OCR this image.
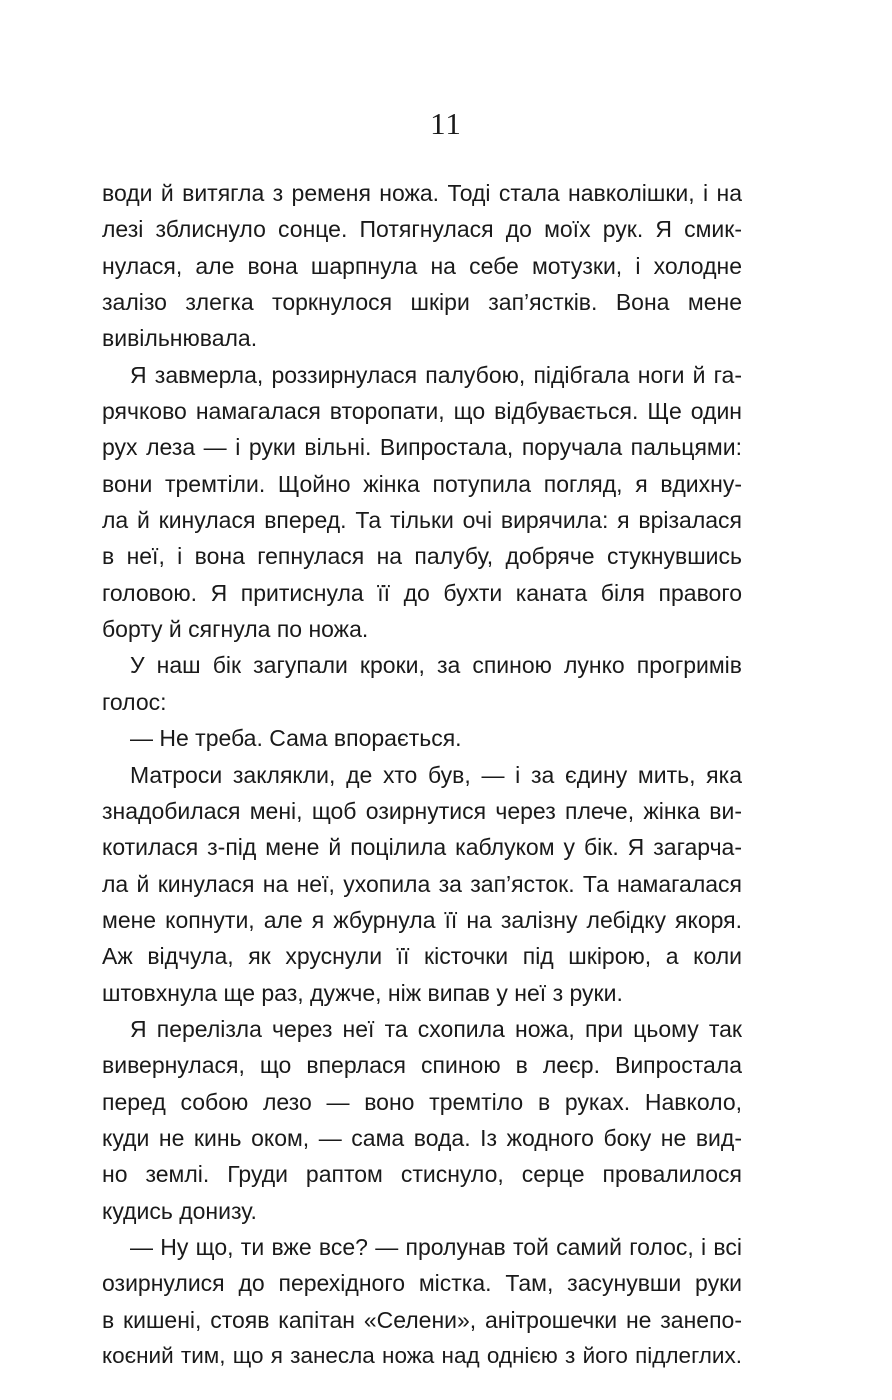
11
води й витягла з ременя ножа. Тоді стала навколішки, і на
лезі зблиснуло сонце. Потягнулася до моїх рук. Я смик-
нулася, але вона шарпнула на себе мотузки, і холодне
залізо злегка торкнулося шкіри зап’ястків. Вона мене
вивільнювала.
Я завмерла, роззирнулася палубою, підібгала ноги й га-
рячково намагалася второпати, що відбувається. Ще один
рух леза — і руки вільні. Випростала, поручала пальцями:
вони тремтіли. Щойно жінка потупила погляд, я вдихну-
ла й кинулася вперед. Та тільки очі вирячила: я врізалася
в неї, і вона гепнулася на палубу, добряче стукнувшись
головою. Я притиснула її до бухти каната біля правого
борту й сягнула по ножа.
У наш бік загупали кроки, за спиною лунко прогримів
голос:
— Не треба. Сама впорається.
Матроси заклякли, де хто був, — і за єдину мить, яка
знадобилася мені, щоб озирнутися через плече, жінка ви-
котилася з-під мене й поцілила каблуком у бік. Я загарча-
ла й кинулася на неї, ухопила за зап’ясток. Та намагалася
мене копнути, але я жбурнула її на залізну лебідку якоря.
Аж відчула, як хруснули її кісточки під шкірою, а коли
штовхнула ще раз, дужче, ніж випав у неї з руки.
Я перелізла через неї та схопила ножа, при цьому так
вивернулася, що вперлася спиною в леєр. Випростала
перед собою лезо — воно тремтіло в руках. Навколо,
куди не кинь оком, — сама вода. Із жодного боку не вид-
но землі. Груди раптом стиснуло, серце провалилося
кудись донизу.
— Ну що, ти вже все? — пролунав той самий голос, і всі
озирнулися до перехідного містка. Там, засунувши руки
в кишені, стояв капітан «Селени», анітрошечки не занепо-
коєний тим, що я занесла ножа над однією з його підлеглих.
